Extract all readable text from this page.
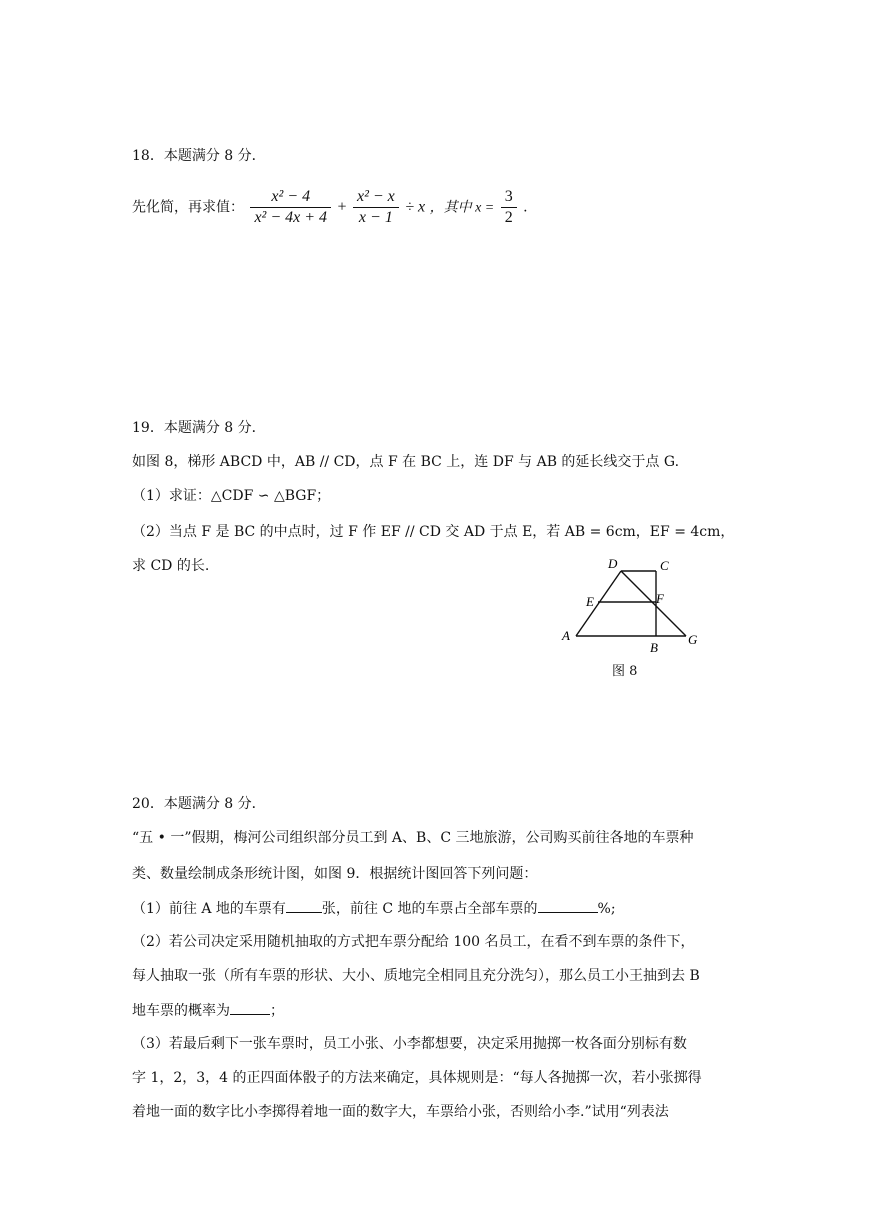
18．本题满分 8 分．
先化简，再求值： $\frac{\text{x² − 4}}{\text{x² − 4x + 4}} + \frac{\text{x² − x}}{x - 1} \div x$ ，其中 $x = \frac{3}{2}$ .
19．本题满分 8 分．
如图 8，梯形 ABCD 中，AB // CD，点 F 在 BC 上，连 DF 与 AB 的延长线交于点 G.
（1）求证：△CDF ∽ △BGF；
（2）当点 F 是 BC 的中点时，过 F 作 EF // CD 交 AD 于点 E，若 AB = 6cm，EF = 4cm，
求 CD 的长.	D	C
E	F
A
B
G
图 8
20．本题满分 8 分．
“五 • 一”假期，梅河公司组织部分员工到 A、B、C 三地旅游，公司购买前往各地的车票种
类、数量绘制成条形统计图，如图 9．根据统计图回答下列问题：
（1）前往 A 地的车票有	张，前往 C 地的车票占全部车票的	%;
（2）若公司决定采用随机抽取的方式把车票分配给 100 名员工，在看不到车票的条件下，
每人抽取一张（所有车票的形状、大小、质地完全相同且充分洗匀），那么员工小王抽到去 B
地车票的概率为	；
（3）若最后剩下一张车票时，员工小张、小李都想要，决定采用抛掷一枚各面分别标有数
字 1，2，3，4 的正四面体骰子的方法来确定，具体规则是：“每人各抛掷一次，若小张掷得
着地一面的数字比小李掷得着地一面的数字大，车票给小张，否则给小李.”试用“列表法
